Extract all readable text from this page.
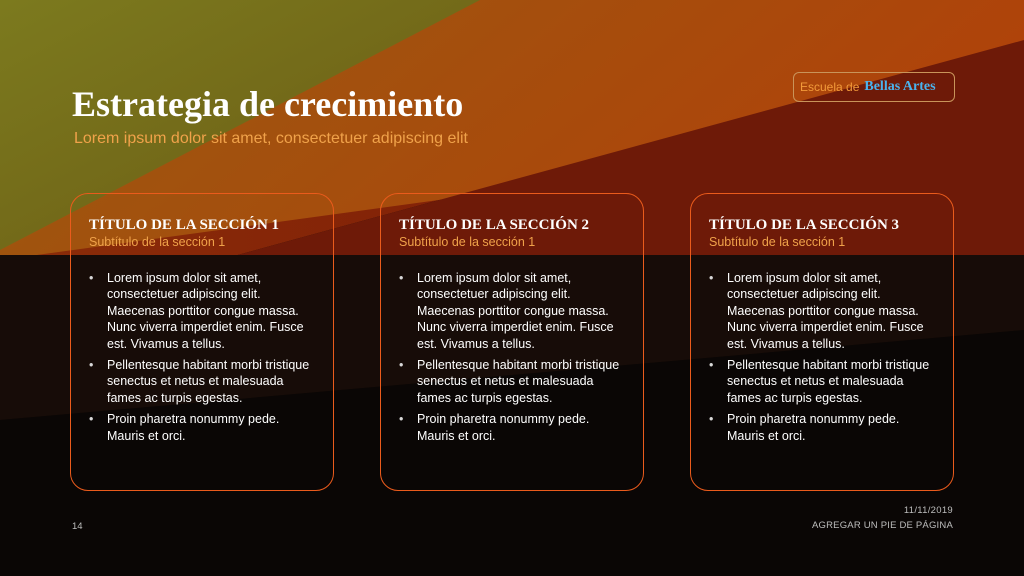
Estrategia de crecimiento
Lorem ipsum dolor sit amet, consectetuer adipiscing elit
Escuela de Bellas Artes
TÍTULO DE LA SECCIÓN 1
Subtítulo de la sección 1
• Lorem ipsum dolor sit amet, consectetuer adipiscing elit. Maecenas porttitor congue massa. Nunc viverra imperdiet enim. Fusce est. Vivamus a tellus.
• Pellentesque habitant morbi tristique senectus et netus et malesuada fames ac turpis egestas.
• Proin pharetra nonummy pede. Mauris et orci.
TÍTULO DE LA SECCIÓN 2
Subtítulo de la sección 1
• Lorem ipsum dolor sit amet, consectetuer adipiscing elit. Maecenas porttitor congue massa. Nunc viverra imperdiet enim. Fusce est. Vivamus a tellus.
• Pellentesque habitant morbi tristique senectus et netus et malesuada fames ac turpis egestas.
• Proin pharetra nonummy pede. Mauris et orci.
TÍTULO DE LA SECCIÓN 3
Subtítulo de la sección 1
• Lorem ipsum dolor sit amet, consectetuer adipiscing elit. Maecenas porttitor congue massa. Nunc viverra imperdiet enim. Fusce est. Vivamus a tellus.
• Pellentesque habitant morbi tristique senectus et netus et malesuada fames ac turpis egestas.
• Proin pharetra nonummy pede. Mauris et orci.
14
11/11/2019
AGREGAR UN PIE DE PÁGINA
